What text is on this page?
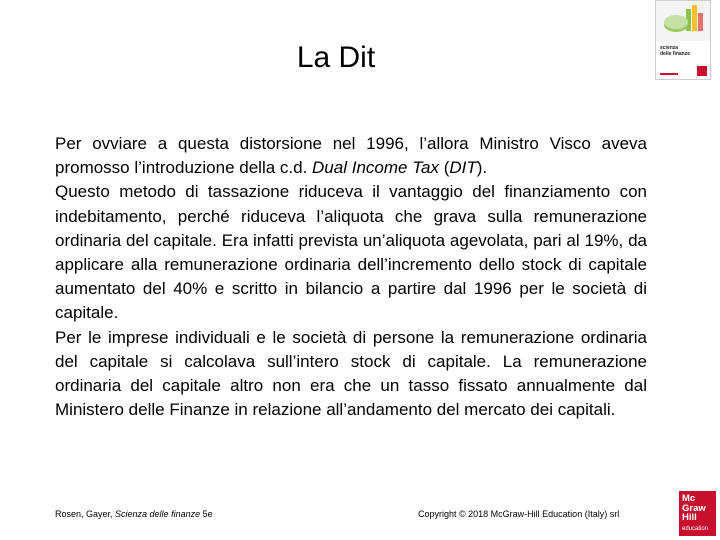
La Dit	scienza
delle finanze

Per ovviare a questa distorsione nel 1996, l’allora Ministro Visco aveva promosso l’introduzione della c.d. Dual Income Tax (DIT).

Questo metodo di tassazione riduceva il vantaggio del finanziamento con indebitamento, perché riduceva l’aliquota che grava sulla remunerazione ordinaria del capitale. Era infatti prevista un’aliquota agevolata, pari al 19%, da applicare alla remunerazione ordinaria dell’incremento dello stock di capitale aumentato del 40% e scritto in bilancio a partire dal 1996 per le società di capitale.

Per le imprese individuali e le società di persone la remunerazione ordinaria del capitale si calcolava sull’intero stock di capitale. La remunerazione ordinaria del capitale altro non era che un tasso fissato annualmente dal Ministero delle Finanze in relazione all’andamento del mercato dei capitali.

Rosen, Gayer, Scienza delle finanze 5e	Copyright © 2018 McGraw-Hill Education (Italy) srl
Mc
Graw
Hill
education
